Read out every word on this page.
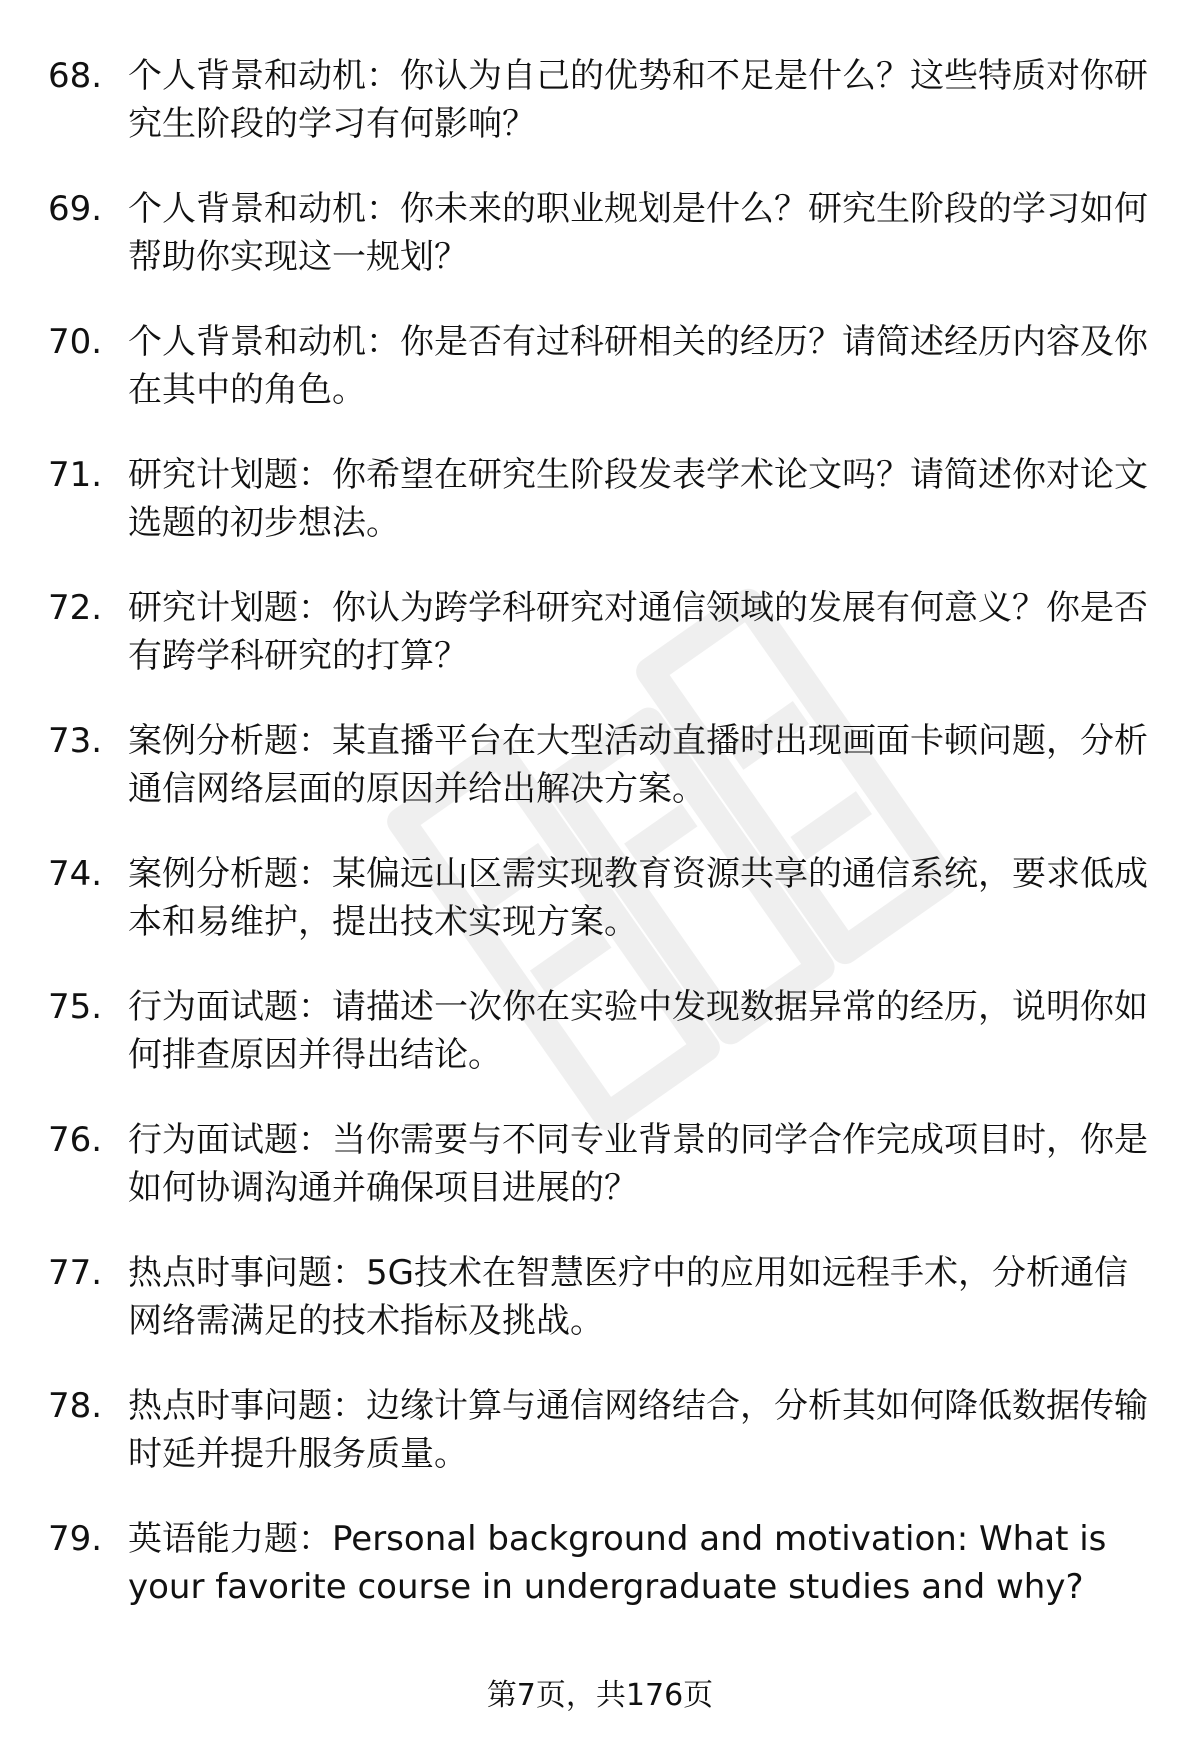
68. 个人背景和动机：你认为自己的优势和不足是什么？这些特质对你研究生阶段的学习有何影响？
69. 个人背景和动机：你未来的职业规划是什么？研究生阶段的学习如何帮助你实现这一规划？
70. 个人背景和动机：你是否有过科研相关的经历？请简述经历内容及你在其中的角色。
71. 研究计划题：你希望在研究生阶段发表学术论文吗？请简述你对论文选题的初步想法。
72. 研究计划题：你认为跨学科研究对通信领域的发展有何意义？你是否有跨学科研究的打算？
73. 案例分析题：某直播平台在大型活动直播时出现画面卡顿问题，分析通信网络层面的原因并给出解决方案。
74. 案例分析题：某偏远山区需实现教育资源共享的通信系统，要求低成本和易维护，提出技术实现方案。
75. 行为面试题：请描述一次你在实验中发现数据异常的经历，说明你如何排查原因并得出结论。
76. 行为面试题：当你需要与不同专业背景的同学合作完成项目时，你是如何协调沟通并确保项目进展的？
77. 热点时事问题：5G技术在智慧医疗中的应用如远程手术，分析通信网络需满足的技术指标及挑战。
78. 热点时事问题：边缘计算与通信网络结合，分析其如何降低数据传输时延并提升服务质量。
79. 英语能力题：Personal background and motivation: What is your favorite course in undergraduate studies and why?
第7页，共176页
